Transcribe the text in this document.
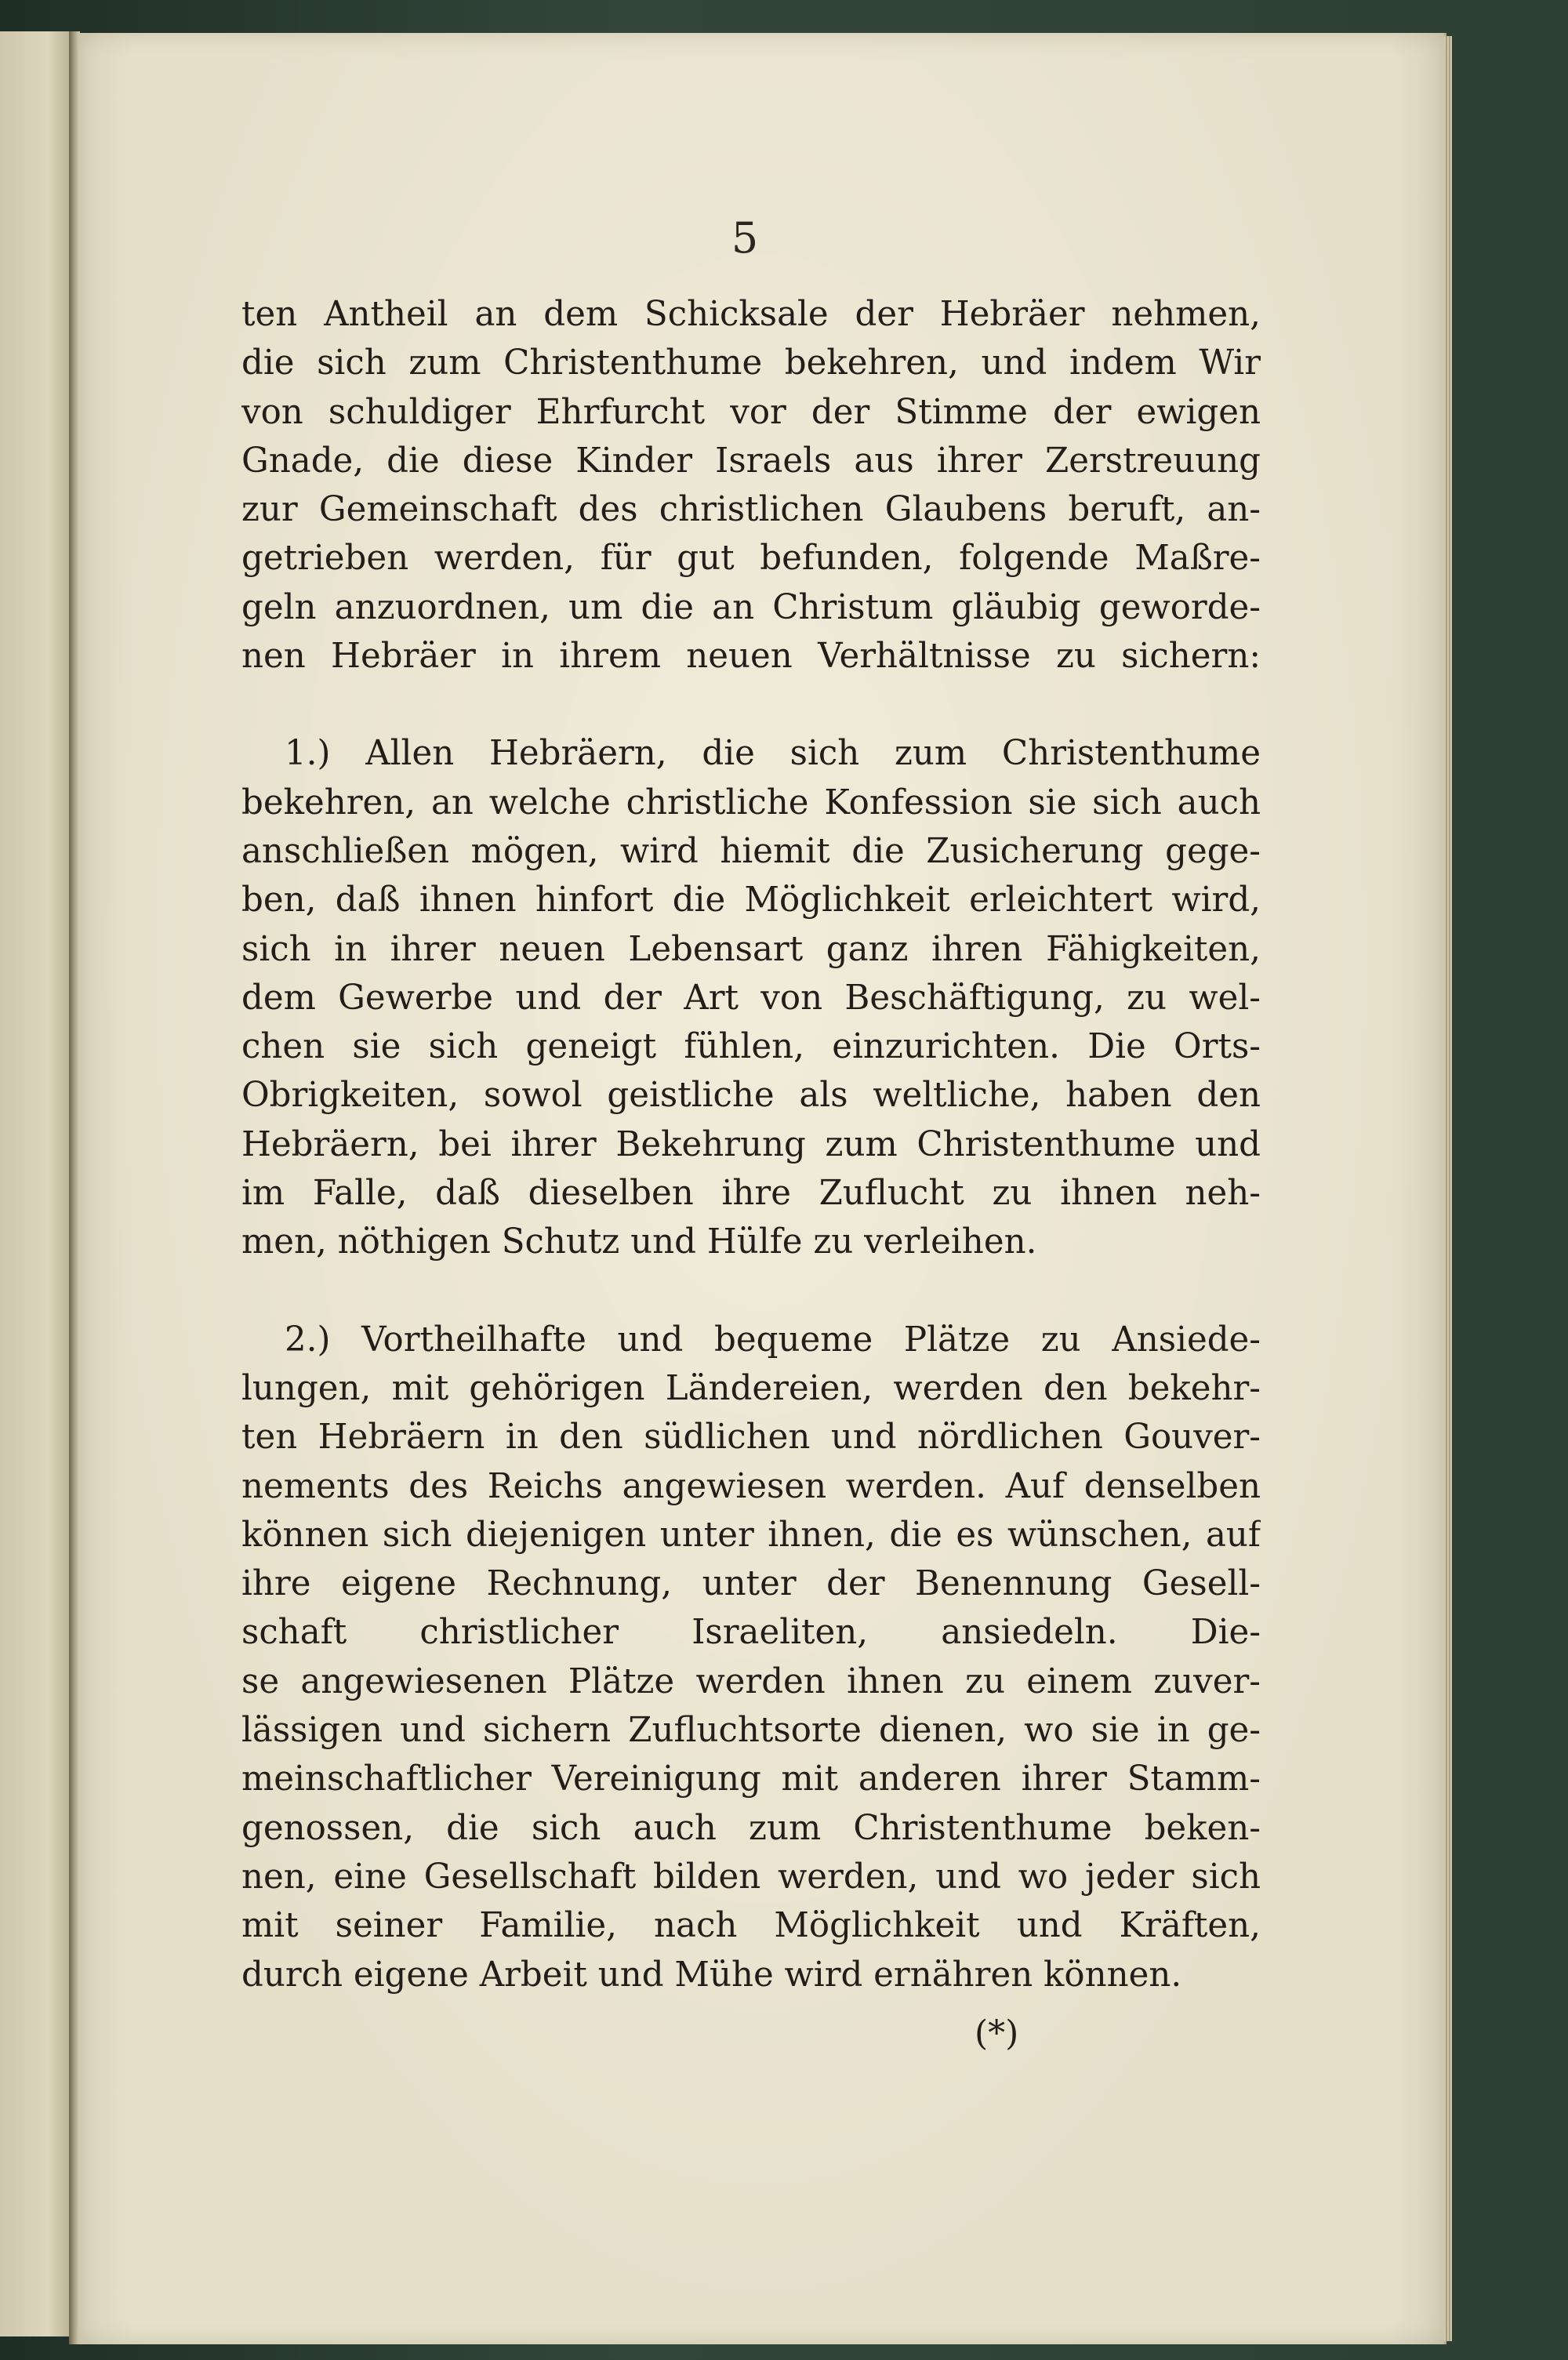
5
ten Antheil an dem Schicksale der Hebräer nehmen,
die sich zum Christenthume bekehren, und indem Wir
von schuldiger Ehrfurcht vor der Stimme der ewigen
Gnade, die diese Kinder Israels aus ihrer Zerstreuung
zur Gemeinschaft des christlichen Glaubens beruft, an-
getrieben werden, für gut befunden, folgende Maßre-
geln anzuordnen, um die an Christum gläubig geworde-
nen Hebräer in ihrem neuen Verhältnisse zu sichern:
1.) Allen Hebräern, die sich zum Christenthume
bekehren, an welche christliche Konfession sie sich auch
anschließen mögen, wird hiemit die Zusicherung gege-
ben, daß ihnen hinfort die Möglichkeit erleichtert wird,
sich in ihrer neuen Lebensart ganz ihren Fähigkeiten,
dem Gewerbe und der Art von Beschäftigung, zu wel-
chen sie sich geneigt fühlen, einzurichten. Die Orts-
Obrigkeiten, sowol geistliche als weltliche, haben den
Hebräern, bei ihrer Bekehrung zum Christenthume und
im Falle, daß dieselben ihre Zuflucht zu ihnen neh-
men, nöthigen Schutz und Hülfe zu verleihen.
2.) Vortheilhafte und bequeme Plätze zu Ansiede-
lungen, mit gehörigen Ländereien, werden den bekehr-
ten Hebräern in den südlichen und nördlichen Gouver-
nements des Reichs angewiesen werden. Auf denselben
können sich diejenigen unter ihnen, die es wünschen, auf
ihre eigene Rechnung, unter der Benennung Gesell-
schaft christlicher Israeliten, ansiedeln. Die-
se angewiesenen Plätze werden ihnen zu einem zuver-
lässigen und sichern Zufluchtsorte dienen, wo sie in ge-
meinschaftlicher Vereinigung mit anderen ihrer Stamm-
genossen, die sich auch zum Christenthume beken-
nen, eine Gesellschaft bilden werden, und wo jeder sich
mit seiner Familie, nach Möglichkeit und Kräften,
durch eigene Arbeit und Mühe wird ernähren können.
(*)
